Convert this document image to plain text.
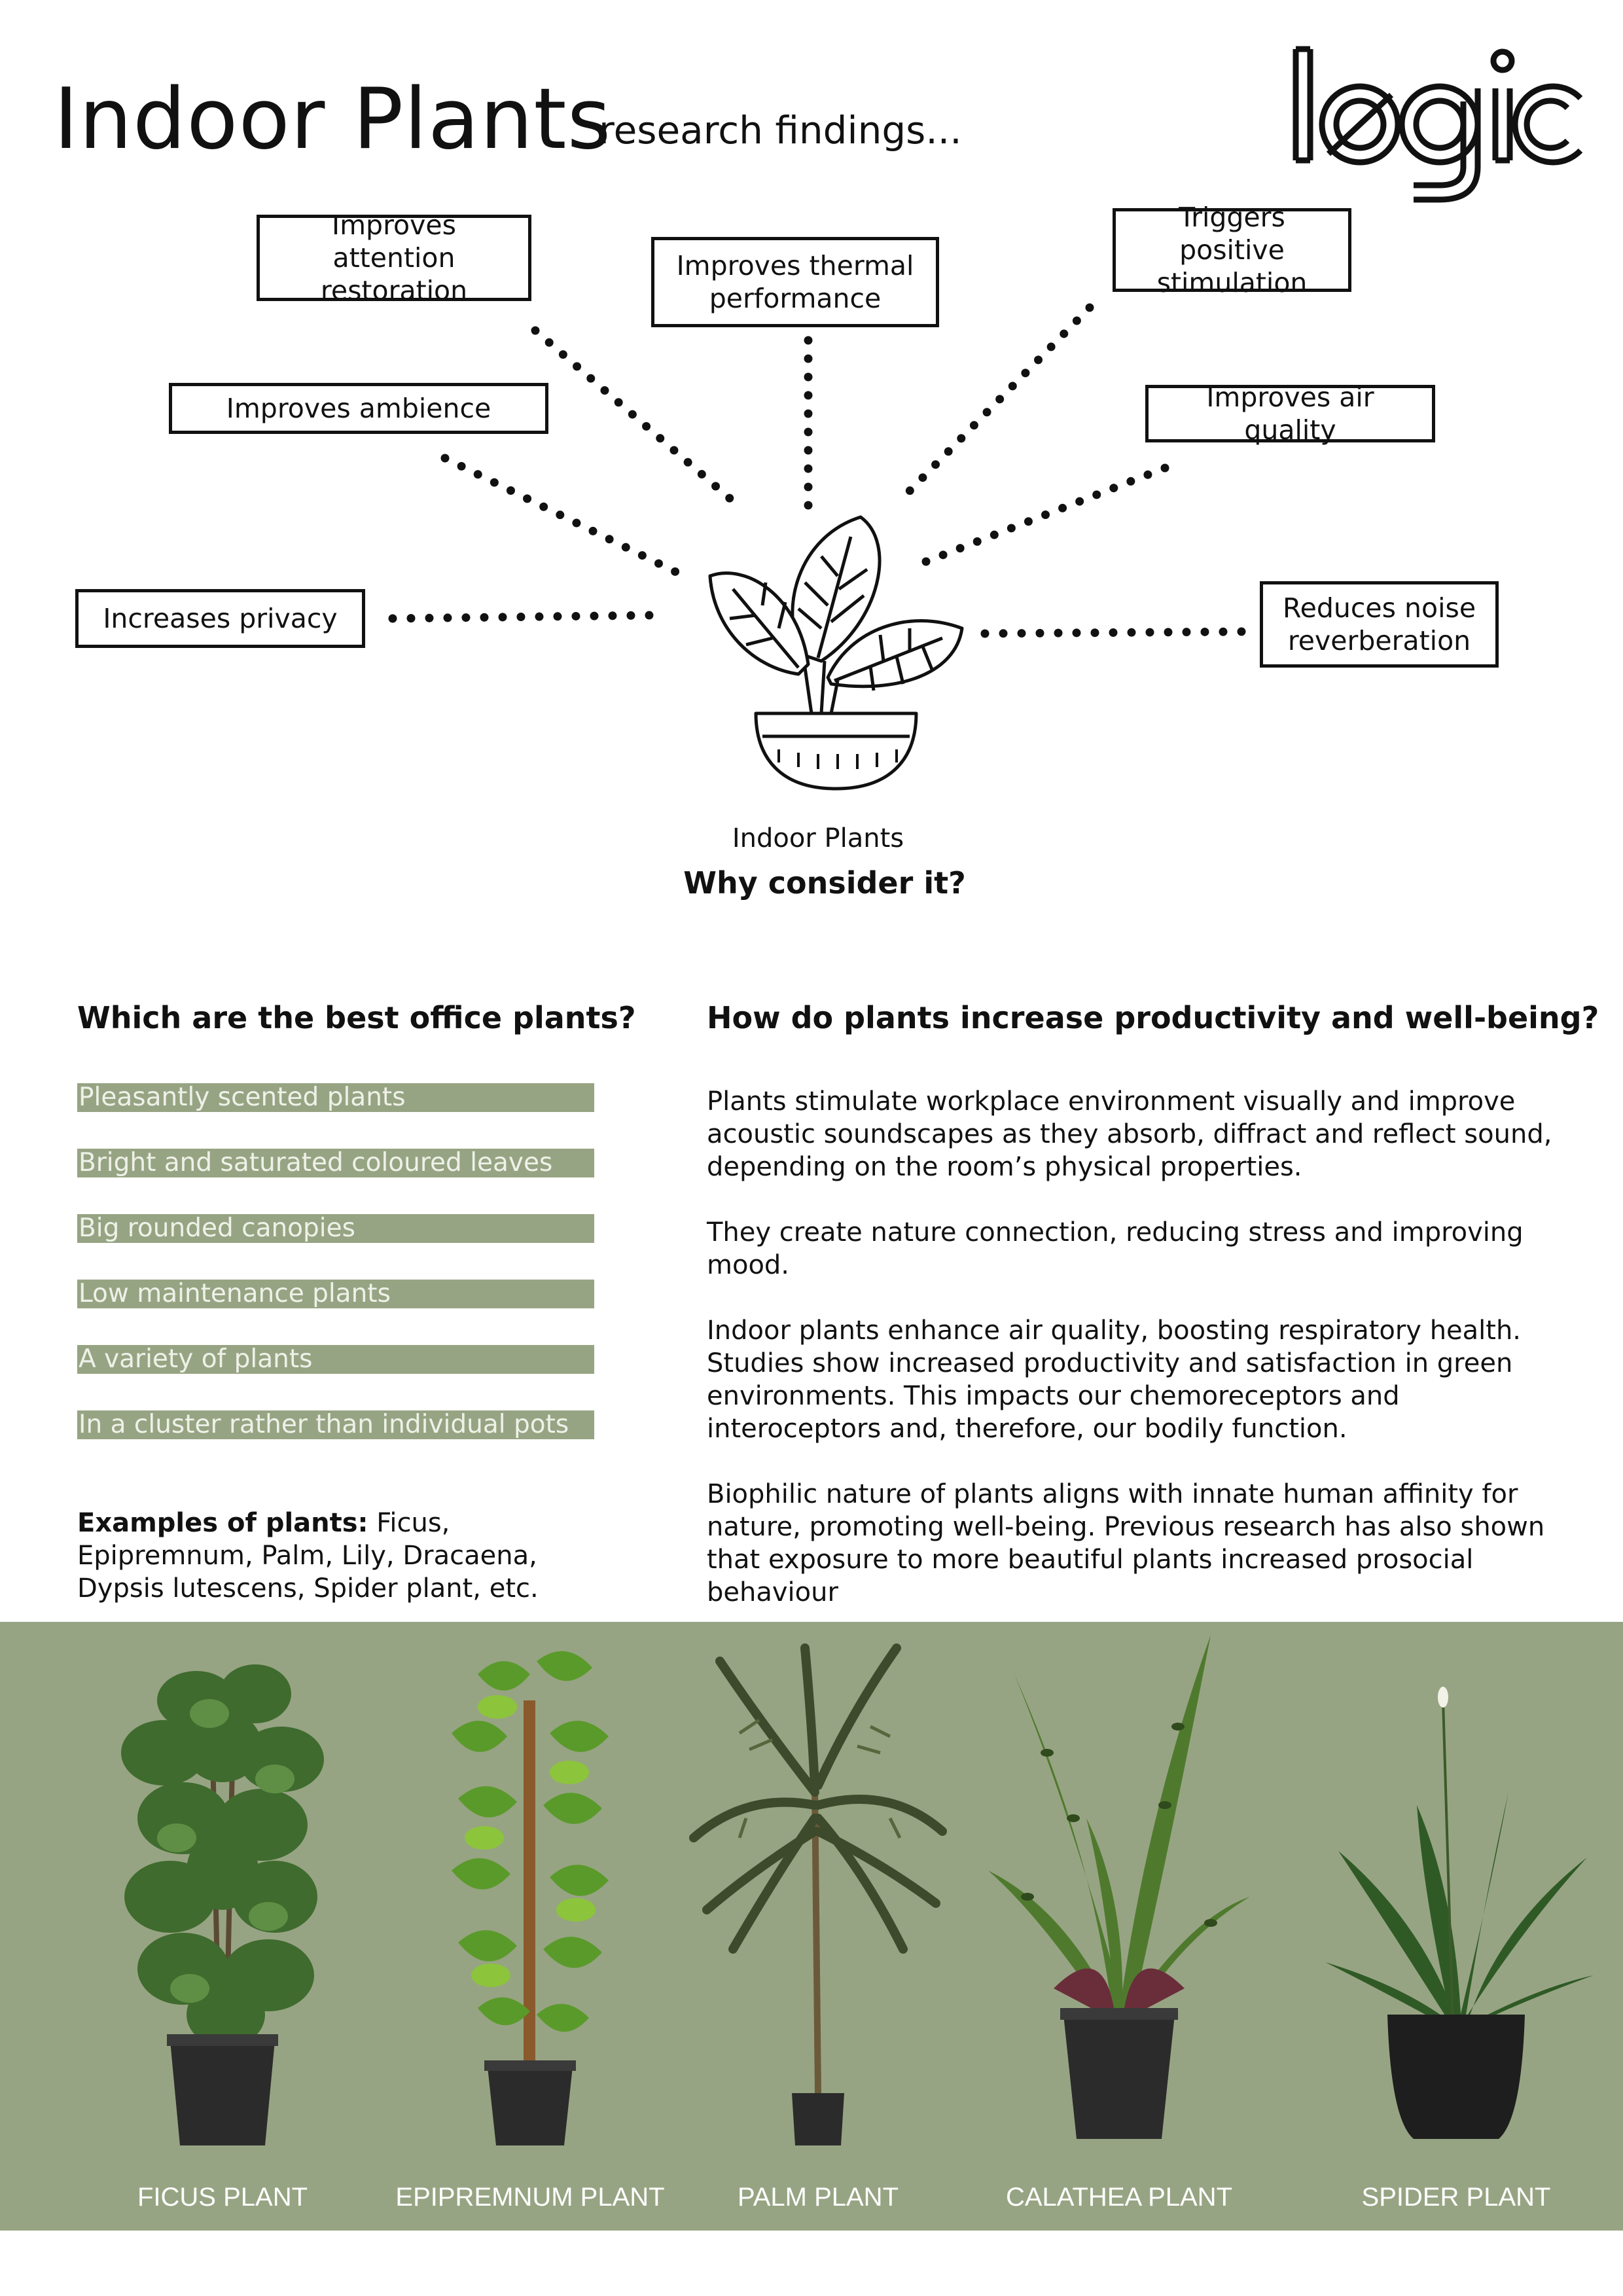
Indoor Plants
research findings...
Improves attention restoration
Improves thermal performance
Triggers positive stimulation
Improves ambience	Improves air quality
Increases privacy	Reduces noise reverberation
Indoor Plants
Why consider it?
Which are the best office plants?
Pleasantly scented plants
Bright and saturated coloured leaves
Big rounded canopies
Low maintenance plants
A variety of plants
In a cluster rather than individual pots
Examples of plants: Ficus, Epipremnum, Palm, Lily, Dracaena, Dypsis lutescens, Spider plant, etc.
How do plants increase productivity and well-being?

Plants stimulate workplace environment visually and improve acoustic soundscapes as they absorb, diffract and reflect sound, depending on the room’s physical properties.

They create nature connection, reducing stress and improving mood.

Indoor plants enhance air quality, boosting respiratory health. Studies show increased productivity and satisfaction in green environments. This impacts our chemoreceptors and interoceptors and, therefore, our bodily function.

Biophilic nature of plants aligns with innate human affinity for nature, promoting well-being. Previous research has also shown that exposure to more beautiful plants increased prosocial behaviour

FICUS PLANT	EPIPREMNUM PLANT	PALM PLANT	CALATHEA PLANT	SPIDER PLANT
